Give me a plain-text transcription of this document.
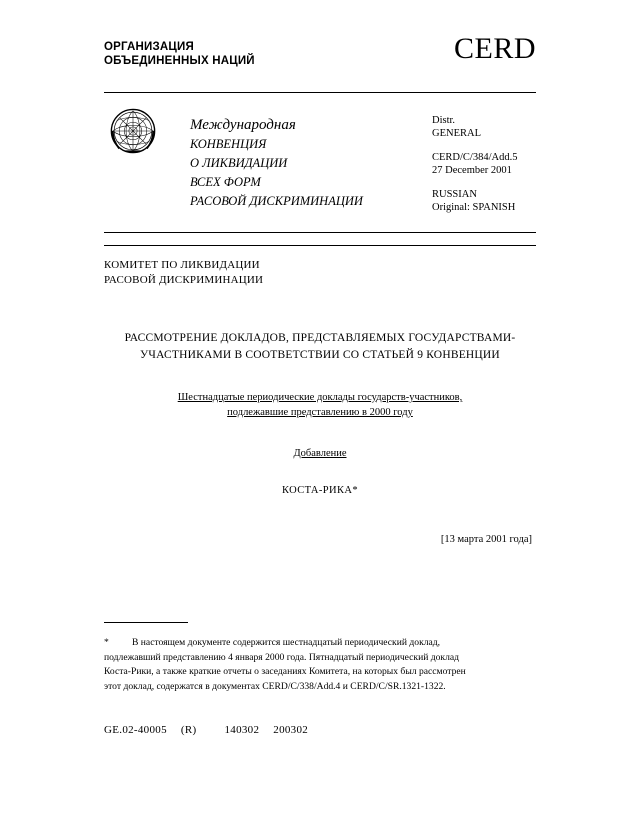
ОРГАНИЗАЦИЯ
ОБЪЕДИНЕННЫХ НАЦИЙ	CERD
Международная
КОНВЕНЦИЯ
О ЛИКВИДАЦИИ
ВСЕХ ФОРМ
РАСОВОЙ ДИСКРИМИНАЦИИ
Distr.
GENERAL
CERD/C/384/Add.5
27 December 2001
RUSSIAN
Original: SPANISH
КОМИТЕТ ПО ЛИКВИДАЦИИ
РАСОВОЙ ДИСКРИМИНАЦИИ
РАССМОТРЕНИЕ ДОКЛАДОВ, ПРЕДСТАВЛЯЕМЫХ ГОСУДАРСТВАМИ-
УЧАСТНИКАМИ В СООТВЕТСТВИИ СО СТАТЬЕЙ 9 КОНВЕНЦИИ
Шестнадцатые периодические доклады государств-участников,
подлежавшие представлению в 2000 году
Добавление
КОСТА-РИКА*
[13 марта 2001 года]
* В настоящем документе содержится шестнадцатый периодический доклад,
подлежавший представлению 4 января 2000 года. Пятнадцатый периодический доклад
Коста-Рики, а также краткие отчеты о заседаниях Комитета, на которых был рассмотрен
этот доклад, содержатся в документах CERD/C/338/Add.4 и CERD/C/SR.1321-1322.
GE.02-40005 (R)	140302 200302
